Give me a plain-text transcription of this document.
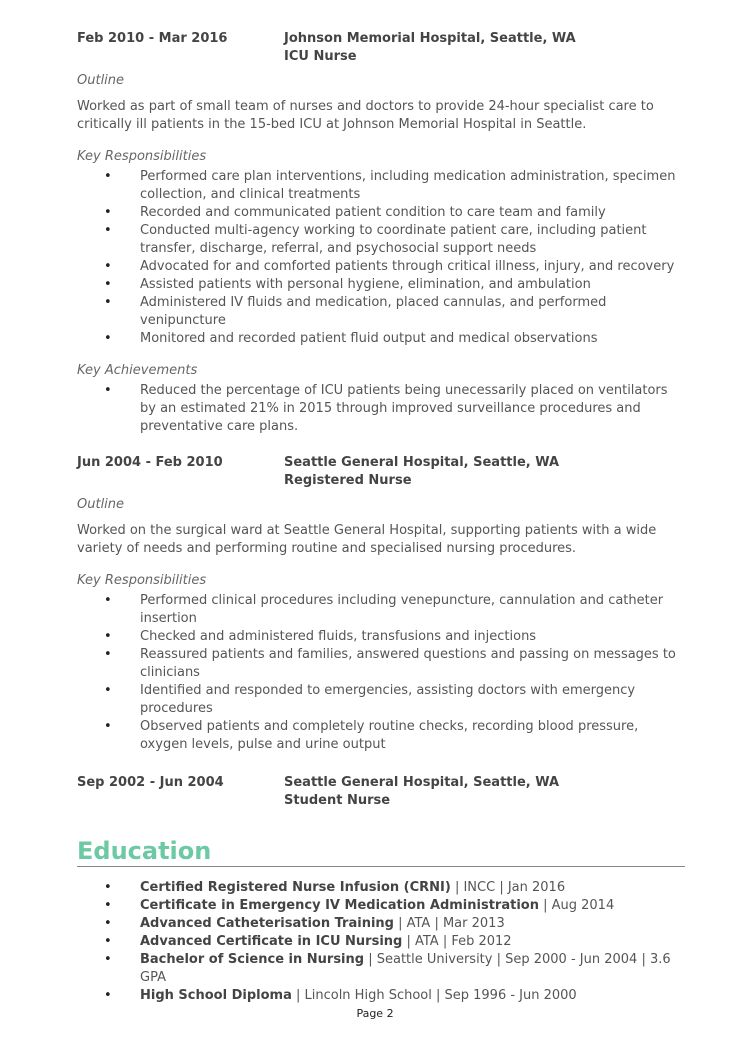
Feb 2010 - Mar 2016	Johnson Memorial Hospital, Seattle, WA
ICU Nurse
Outline
Worked as part of small team of nurses and doctors to provide 24-hour specialist care to critically ill patients in the 15-bed ICU at Johnson Memorial Hospital in Seattle.
Key Responsibilities
• Performed care plan interventions, including medication administration, specimen collection, and clinical treatments
• Recorded and communicated patient condition to care team and family
• Conducted multi-agency working to coordinate patient care, including patient transfer, discharge, referral, and psychosocial support needs
• Advocated for and comforted patients through critical illness, injury, and recovery
• Assisted patients with personal hygiene, elimination, and ambulation
• Administered IV fluids and medication, placed cannulas, and performed venipuncture
• Monitored and recorded patient fluid output and medical observations
Key Achievements
• Reduced the percentage of ICU patients being unecessarily placed on ventilators by an estimated 21% in 2015 through improved surveillance procedures and preventative care plans.
Jun 2004 - Feb 2010	Seattle General Hospital, Seattle, WA
Registered Nurse
Outline
Worked on the surgical ward at Seattle General Hospital, supporting patients with a wide variety of needs and performing routine and specialised nursing procedures.
Key Responsibilities
• Performed clinical procedures including venepuncture, cannulation and catheter insertion
• Checked and administered fluids, transfusions and injections
• Reassured patients and families, answered questions and passing on messages to clinicians
• Identified and responded to emergencies, assisting doctors with emergency procedures
• Observed patients and completely routine checks, recording blood pressure, oxygen levels, pulse and urine output
Sep 2002 - Jun 2004	Seattle General Hospital, Seattle, WA
Student Nurse
Education
• Certified Registered Nurse Infusion (CRNI) | INCC | Jan 2016
• Certificate in Emergency IV Medication Administration | Aug 2014
• Advanced Catheterisation Training | ATA | Mar 2013
• Advanced Certificate in ICU Nursing | ATA | Feb 2012
• Bachelor of Science in Nursing | Seattle University | Sep 2000 - Jun 2004 | 3.6 GPA
• High School Diploma | Lincoln High School | Sep 1996 - Jun 2000
Page 2
